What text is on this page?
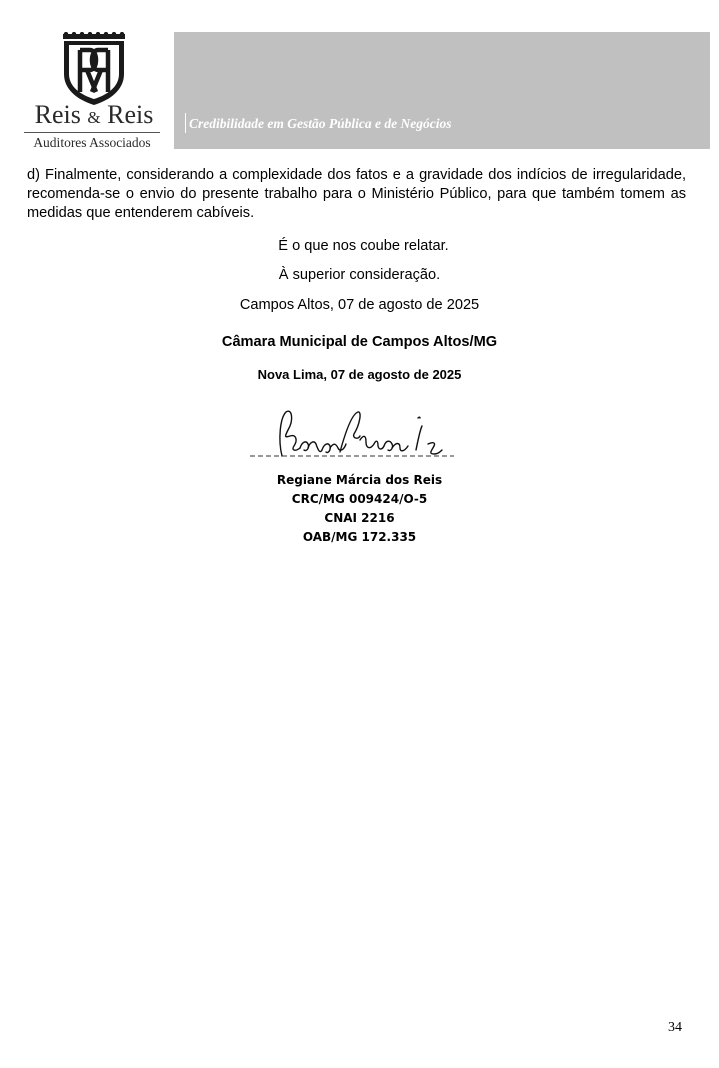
Reis & Reis
Auditores Associados
Credibilidade em Gestão Pública e de Negócios

d) Finalmente, considerando a complexidade dos fatos e a gravidade dos indícios de irregularidade, recomenda-se o envio do presente trabalho para o Ministério Público, para que também tomem as medidas que entenderem cabíveis.

É o que nos coube relatar.

À superior consideração.

Campos Altos, 07 de agosto de 2025

Câmara Municipal de Campos Altos/MG

Nova Lima, 07 de agosto de 2025

Regiane Márcia dos Reis

CRC/MG 009424/O-5

CNAI 2216

OAB/MG 172.335

34
